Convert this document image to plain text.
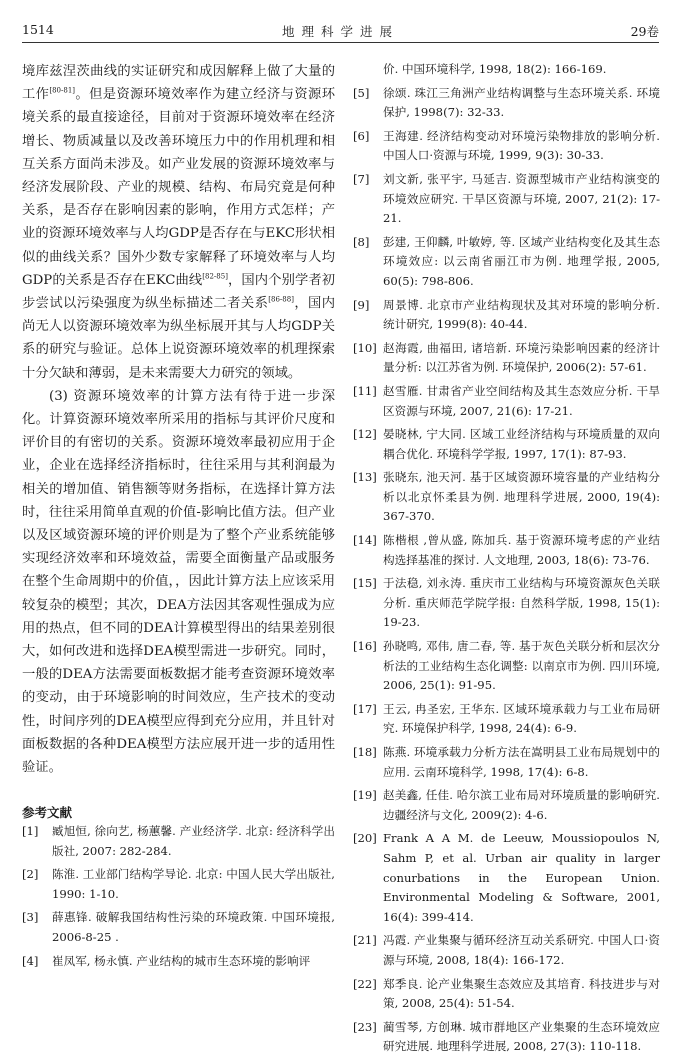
1514	地理科学进展	29卷

境库兹涅茨曲线的实证研究和成因解释上做了大量的工作[80-81]。但是资源环境效率作为建立经济与资源环境关系的最直接途径，目前对于资源环境效率在经济增长、物质减量以及改善环境压力中的作用机理和相互关系方面尚未涉及。如产业发展的资源环境效率与经济发展阶段、产业的规模、结构、布局究竟是何种关系，是否存在影响因素的影响，作用方式怎样；产业的资源环境效率与人均GDP是否存在与EKC形状相似的曲线关系？国外少数专家解释了环境效率与人均GDP的关系是否存在EKC曲线[82-85]，国内个别学者初步尝试以污染强度为纵坐标描述二者关系[86-88]，国内尚无人以资源环境效率为纵坐标展开其与人均GDP关系的研究与验证。总体上说资源环境效率的机理探索十分欠缺和薄弱，是未来需要大力研究的领域。

(3) 资源环境效率的计算方法有待于进一步深化。计算资源环境效率所采用的指标与其评价尺度和评价目的有密切的关系。资源环境效率最初应用于企业，企业在选择经济指标时，往往采用与其利润最为相关的增加值、销售额等财务指标，在选择计算方法时，往往采用简单直观的价值-影响比值方法。但产业以及区域资源环境的评价则是为了整个产业系统能够实现经济效率和环境效益，需要全面衡量产品或服务在整个生命周期中的价值，，因此计算方法上应该采用较复杂的模型；其次，DEA方法因其客观性强成为应用的热点，但不同的DEA计算模型得出的结果差别很大，如何改进和选择DEA模型需进一步研究。同时，一般的DEA方法需要面板数据才能考查资源环境效率的变动，由于环境影响的时间效应，生产技术的变动性，时间序列的DEA模型应得到充分应用，并且针对面板数据的各种DEA模型方法应展开进一步的适用性验证。

参考文献
[1] 臧旭恒, 徐向艺, 杨蕙馨. 产业经济学. 北京: 经济科学出版社, 2007: 282-284.
[2] 陈淮. 工业部门结构学导论. 北京: 中国人民大学出版社, 1990: 1-10.
[3] 薛惠锋. 破解我国结构性污染的环境政策. 中国环境报, 2006-8-25 .
[4] 崔凤军, 杨永慎. 产业结构的城市生态环境的影响评
价. 中国环境科学, 1998, 18(2): 166-169.
[5] 徐颂. 珠江三角洲产业结构调整与生态环境关系. 环境保护, 1998(7): 32-33.
[6] 王海建. 经济结构变动对环境污染物排放的影响分析. 中国人口·资源与环境, 1999, 9(3): 30-33.
[7] 刘文新, 张平宇, 马延吉. 资源型城市产业结构演变的环境效应研究. 干旱区资源与环境, 2007, 21(2): 17-21.
[8] 彭建, 王仰麟, 叶敏婷, 等. 区域产业结构变化及其生态环境效应: 以云南省丽江市为例. 地理学报, 2005, 60(5): 798-806.
[9] 周景博. 北京市产业结构现状及其对环境的影响分析. 统计研究, 1999(8): 40-44.
[10] 赵海霞, 曲福田, 诸培新. 环境污染影响因素的经济计量分析: 以江苏省为例. 环境保护, 2006(2): 57-61.
[11] 赵雪雁. 甘肃省产业空间结构及其生态效应分析. 干旱区资源与环境, 2007, 21(6): 17-21.
[12] 晏晓林, 宁大同. 区域工业经济结构与环境质量的双向耦合优化. 环境科学学报, 1997, 17(1): 87-93.
[13] 张晓东, 池天河. 基于区域资源环境容量的产业结构分析以北京怀柔县为例. 地理科学进展, 2000, 19(4): 367-370.
[14] 陈楷根 ,曾从盛, 陈加兵. 基于资源环境考虑的产业结构选择基准的探讨. 人文地理, 2003, 18(6): 73-76.
[15] 于法稳, 刘永涛. 重庆市工业结构与环境资源灰色关联分析. 重庆师范学院学报: 自然科学版, 1998, 15(1): 19-23.
[16] 孙晓鸣, 邓伟, 唐二春, 等. 基于灰色关联分析和层次分析法的工业结构生态化调整: 以南京市为例. 四川环境, 2006, 25(1): 91-95.
[17] 王云, 冉圣宏, 王华东. 区域环境承载力与工业布局研究. 环境保护科学, 1998, 24(4): 6-9.
[18] 陈燕. 环境承载力分析方法在嵩明县工业布局规划中的应用. 云南环境科学, 1998, 17(4): 6-8.
[19] 赵美鑫, 任佳. 哈尔滨工业布局对环境质量的影响研究. 边疆经济与文化, 2009(2): 4-6.
[20] Frank A A M. de Leeuw, Moussiopoulos N, Sahm P, et al. Urban air quality in larger conurbations in the European Union. Environmental Modeling & Software, 2001, 16(4): 399-414.
[21] 冯霞. 产业集聚与循环经济互动关系研究. 中国人口·资源与环境, 2008, 18(4): 166-172.
[22] 郑季良. 论产业集聚生态效应及其培育. 科技进步与对策, 2008, 25(4): 51-54.
[23] 蔺雪琴, 方创琳. 城市群地区产业集聚的生态环境效应研究进展. 地理科学进展, 2008, 27(3): 110-118.
